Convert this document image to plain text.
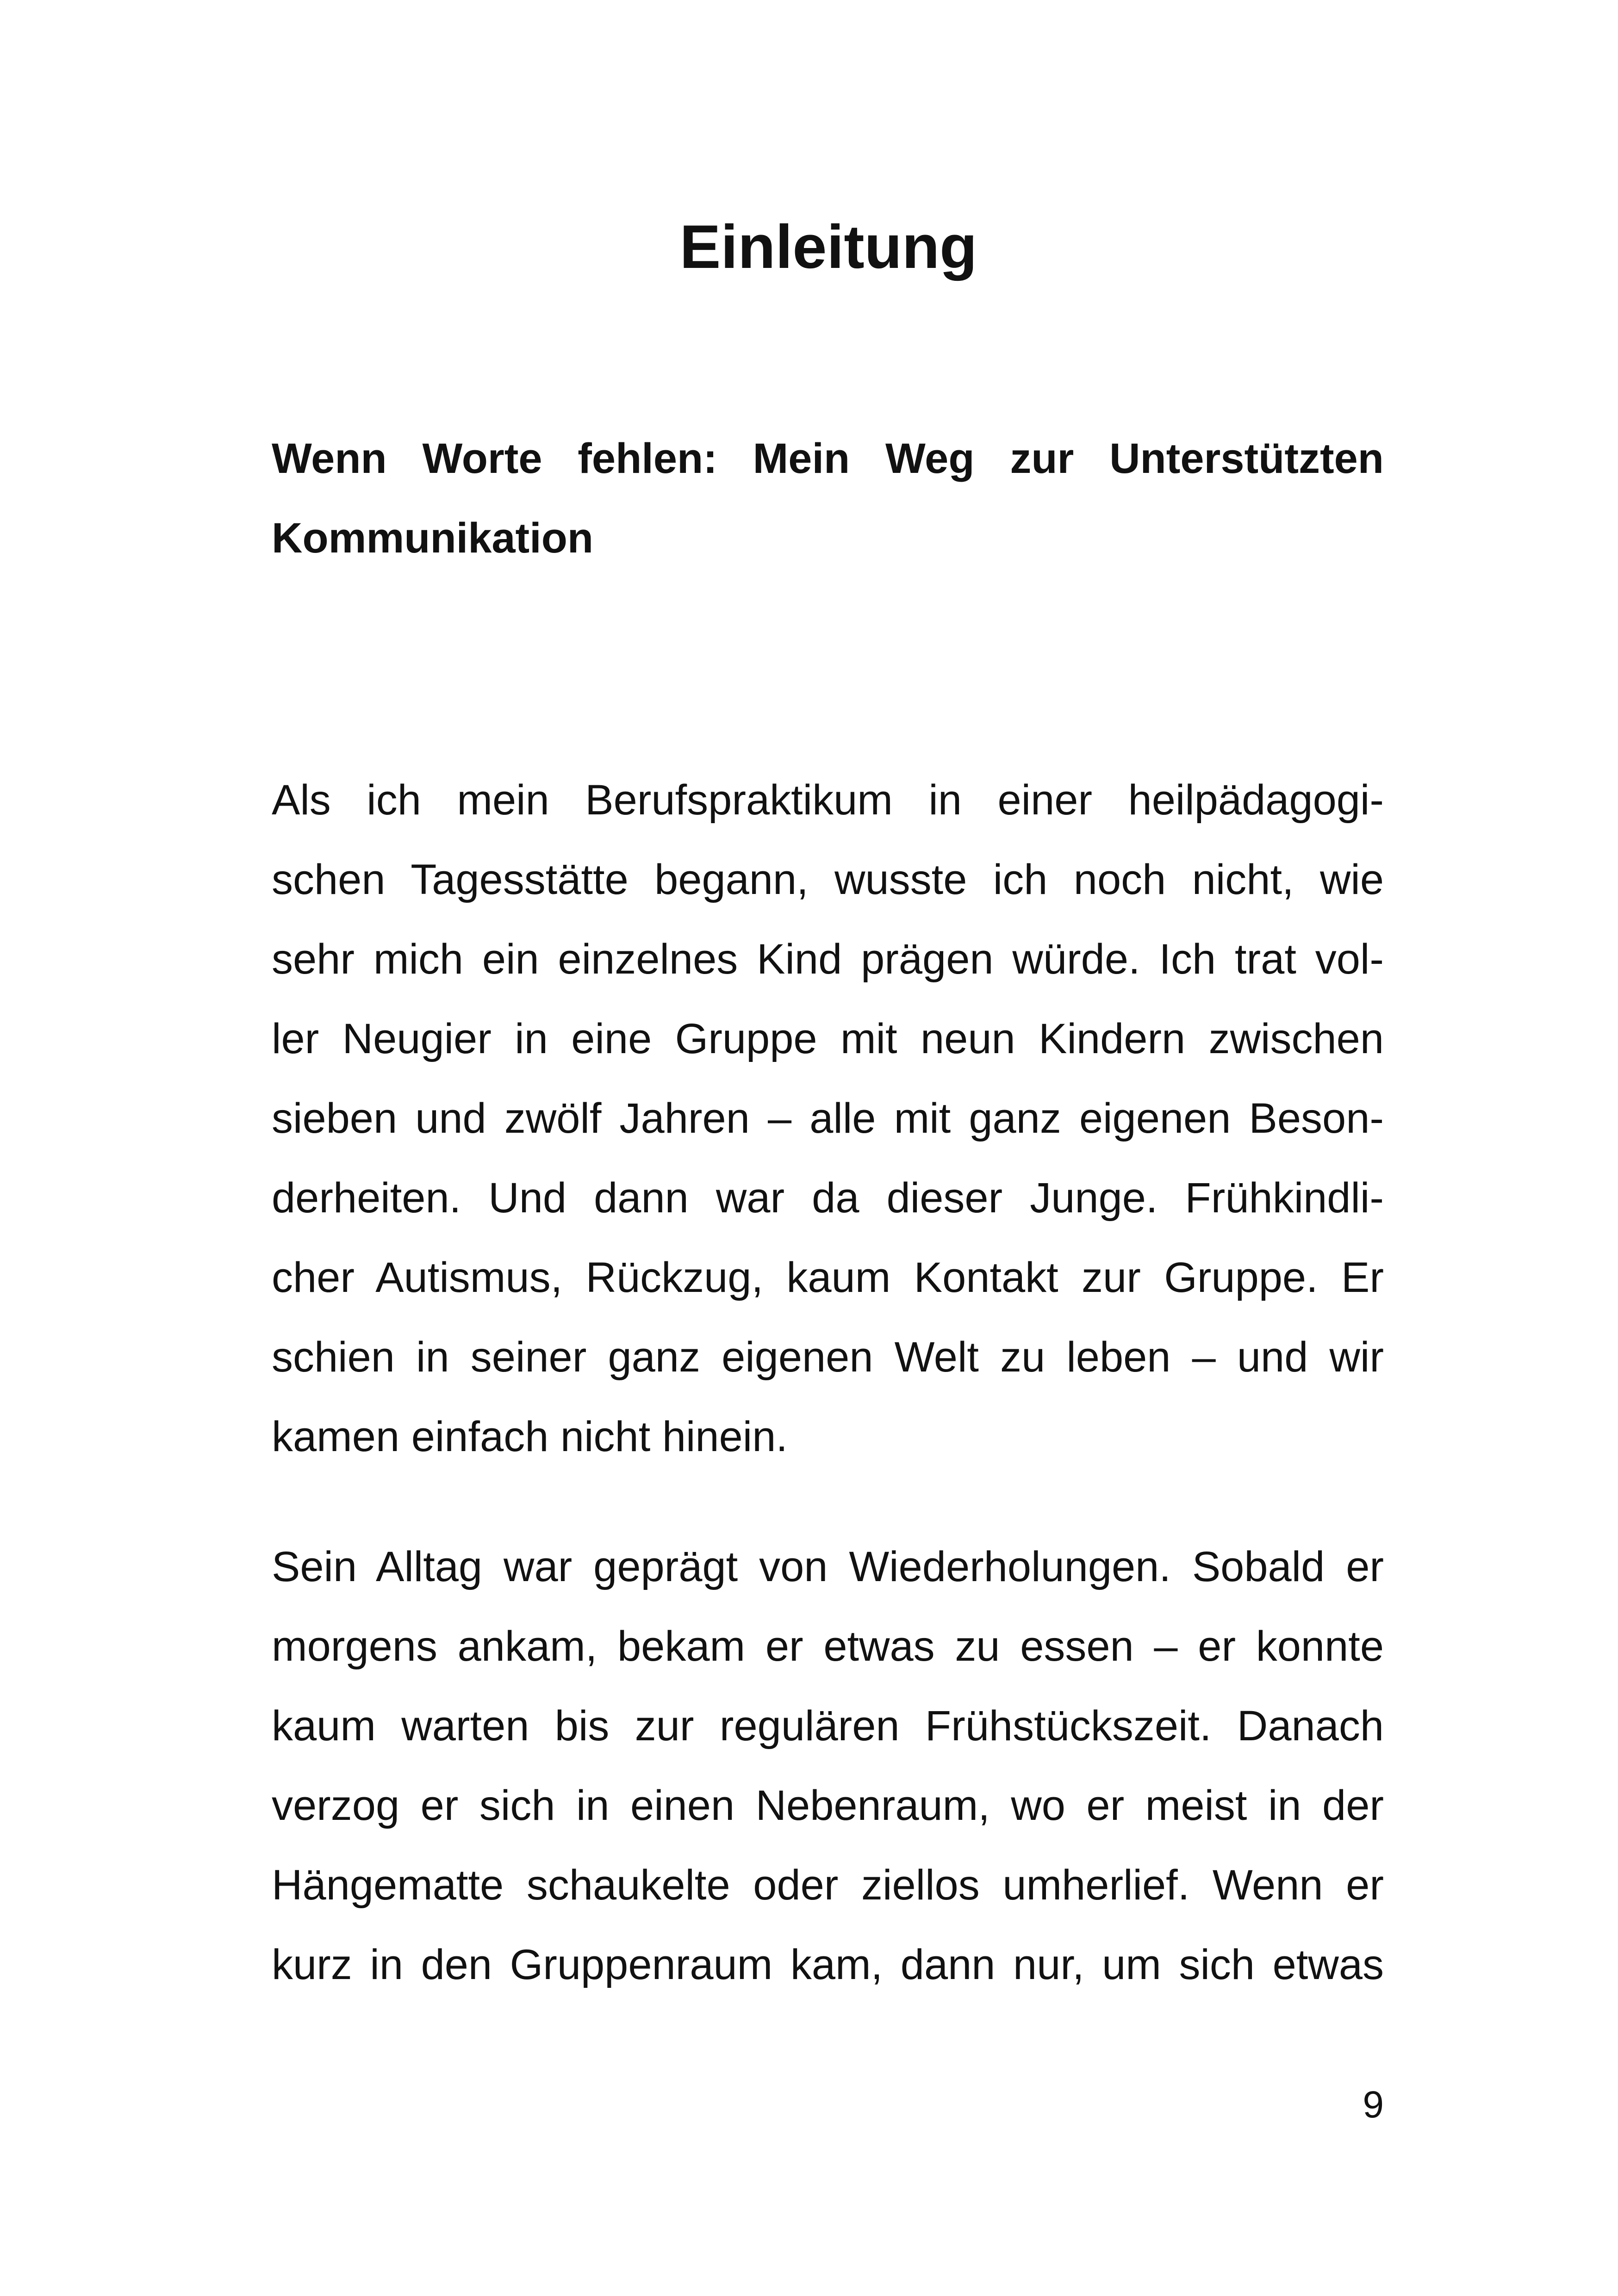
Einleitung
Wenn Worte fehlen: Mein Weg zur Unterstützten
Kommunikation
Als ich mein Berufspraktikum in einer heilpädagogi-
schen Tagesstätte begann, wusste ich noch nicht, wie
sehr mich ein einzelnes Kind prägen würde. Ich trat vol-
ler Neugier in eine Gruppe mit neun Kindern zwischen
sieben und zwölf Jahren – alle mit ganz eigenen Beson-
derheiten. Und dann war da dieser Junge. Frühkindli-
cher Autismus, Rückzug, kaum Kontakt zur Gruppe. Er
schien in seiner ganz eigenen Welt zu leben – und wir
kamen einfach nicht hinein.
Sein Alltag war geprägt von Wiederholungen. Sobald er
morgens ankam, bekam er etwas zu essen – er konnte
kaum warten bis zur regulären Frühstückszeit. Danach
verzog er sich in einen Nebenraum, wo er meist in der
Hängematte schaukelte oder ziellos umherlief. Wenn er
kurz in den Gruppenraum kam, dann nur, um sich etwas
9
